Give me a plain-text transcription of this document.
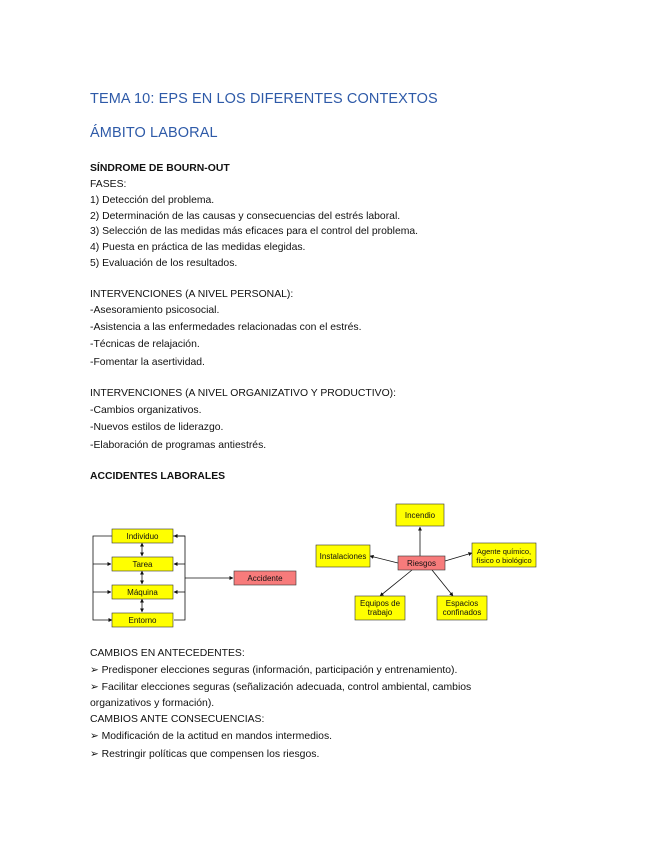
TEMA 10: EPS EN LOS DIFERENTES CONTEXTOS
ÁMBITO LABORAL
SÍNDROME DE BOURN-OUT
FASES:
1) Detección del problema.
2) Determinación de las causas y consecuencias del estrés laboral.
3) Selección de las medidas más eficaces para el control del problema.
4) Puesta en práctica de las medidas elegidas.
5) Evaluación de los resultados.
INTERVENCIONES (A NIVEL PERSONAL):
-Asesoramiento psicosocial.
-Asistencia a las enfermedades relacionadas con el estrés.
-Técnicas de relajación.
-Fomentar la asertividad.
INTERVENCIONES (A NIVEL ORGANIZATIVO Y PRODUCTIVO):
-Cambios organizativos.
-Nuevos estilos de liderazgo.
-Elaboración de programas antiestrés.
ACCIDENTES LABORALES
Individuo
Tarea
Máquina
Entorno
Accidente
Incendio
Riesgos
Instalaciones
Agente químico,
físico o biológico
Equipos de
trabajo
Espacios
confinados
CAMBIOS EN ANTECEDENTES:
➢ Predisponer elecciones seguras (información, participación y entrenamiento).
➢ Facilitar elecciones seguras (señalización adecuada, control ambiental, cambios
organizativos y formación).
CAMBIOS ANTE CONSECUENCIAS:
➢ Modificación de la actitud en mandos intermedios.
➢ Restringir políticas que compensen los riesgos.
